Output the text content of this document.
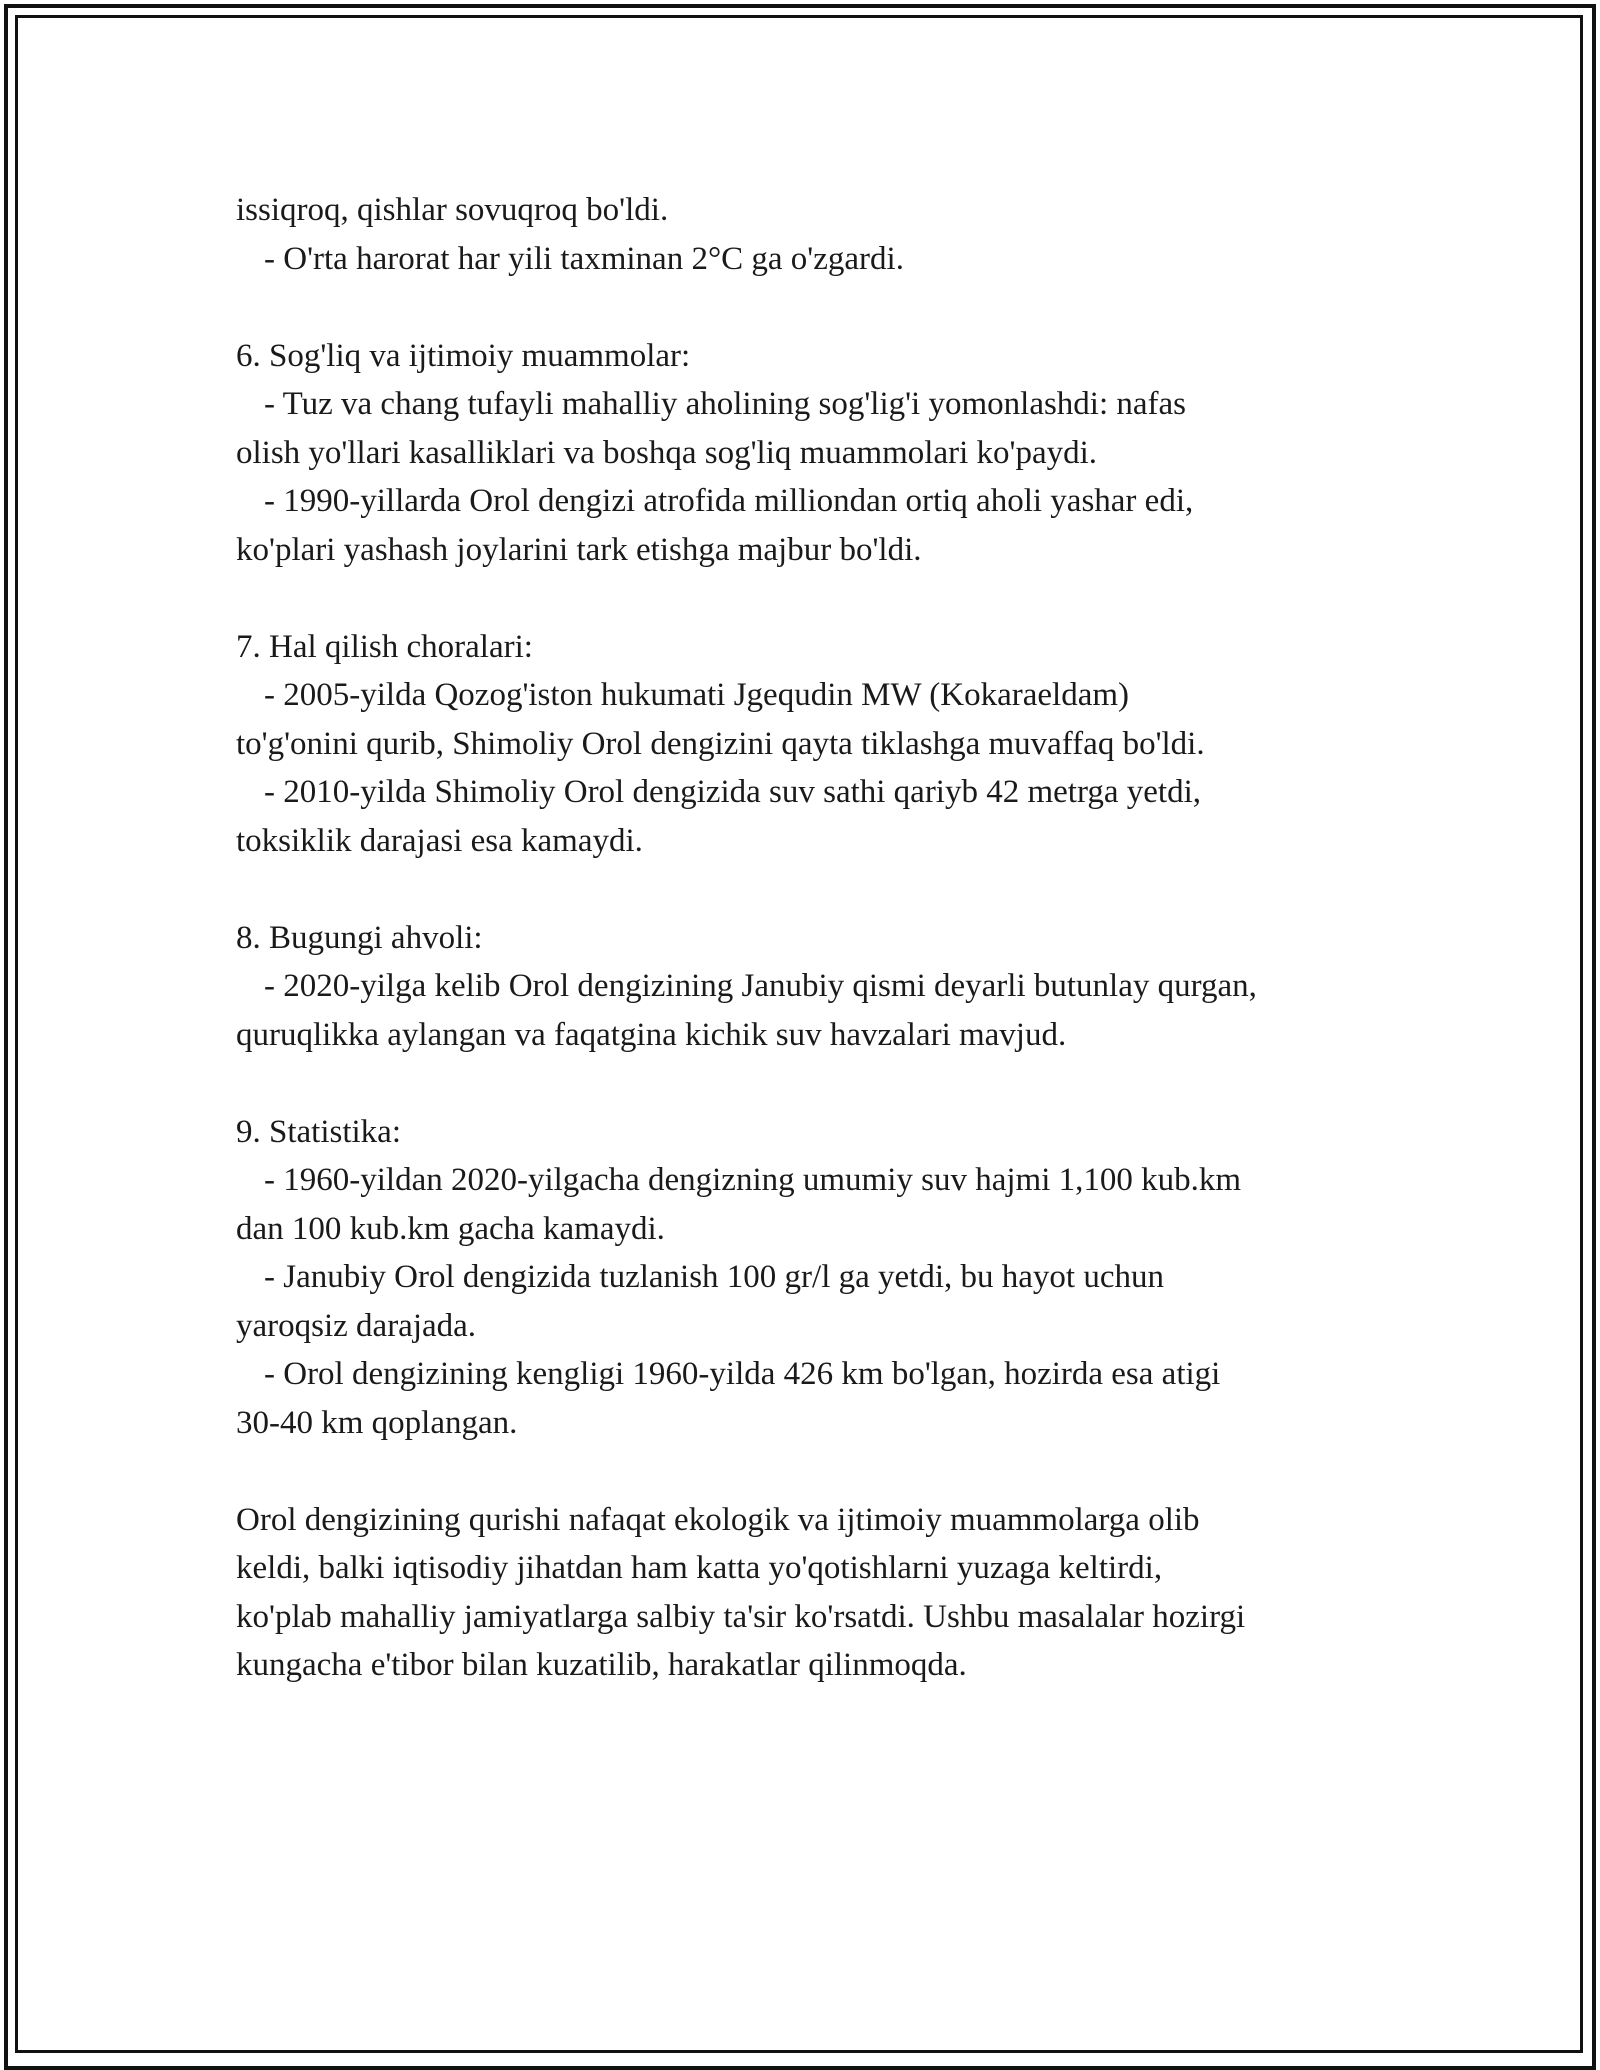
issiqroq, qishlar sovuqroq bo'ldi.
- O'rta harorat har yili taxminan 2°C ga o'zgardi.
6. Sog'liq va ijtimoiy muammolar:
- Tuz va chang tufayli mahalliy aholining sog'lig'i yomonlashdi: nafas
olish yo'llari kasalliklari va boshqa sog'liq muammolari ko'paydi.
- 1990-yillarda Orol dengizi atrofida milliondan ortiq aholi yashar edi,
ko'plari yashash joylarini tark etishga majbur bo'ldi.
7. Hal qilish choralari:
- 2005-yilda Qozog'iston hukumati Jgequdin MW (Kokaraeldam)
to'g'onini qurib, Shimoliy Orol dengizini qayta tiklashga muvaffaq bo'ldi.
- 2010-yilda Shimoliy Orol dengizida suv sathi qariyb 42 metrga yetdi,
toksiklik darajasi esa kamaydi.
8. Bugungi ahvoli:
- 2020-yilga kelib Orol dengizining Janubiy qismi deyarli butunlay qurgan,
quruqlikka aylangan va faqatgina kichik suv havzalari mavjud.
9. Statistika:
- 1960-yildan 2020-yilgacha dengizning umumiy suv hajmi 1,100 kub.km
dan 100 kub.km gacha kamaydi.
- Janubiy Orol dengizida tuzlanish 100 gr/l ga yetdi, bu hayot uchun
yaroqsiz darajada.
- Orol dengizining kengligi 1960-yilda 426 km bo'lgan, hozirda esa atigi
30-40 km qoplangan.
Orol dengizining qurishi nafaqat ekologik va ijtimoiy muammolarga olib
keldi, balki iqtisodiy jihatdan ham katta yo'qotishlarni yuzaga keltirdi,
ko'plab mahalliy jamiyatlarga salbiy ta'sir ko'rsatdi. Ushbu masalalar hozirgi
kungacha e'tibor bilan kuzatilib, harakatlar qilinmoqda.
